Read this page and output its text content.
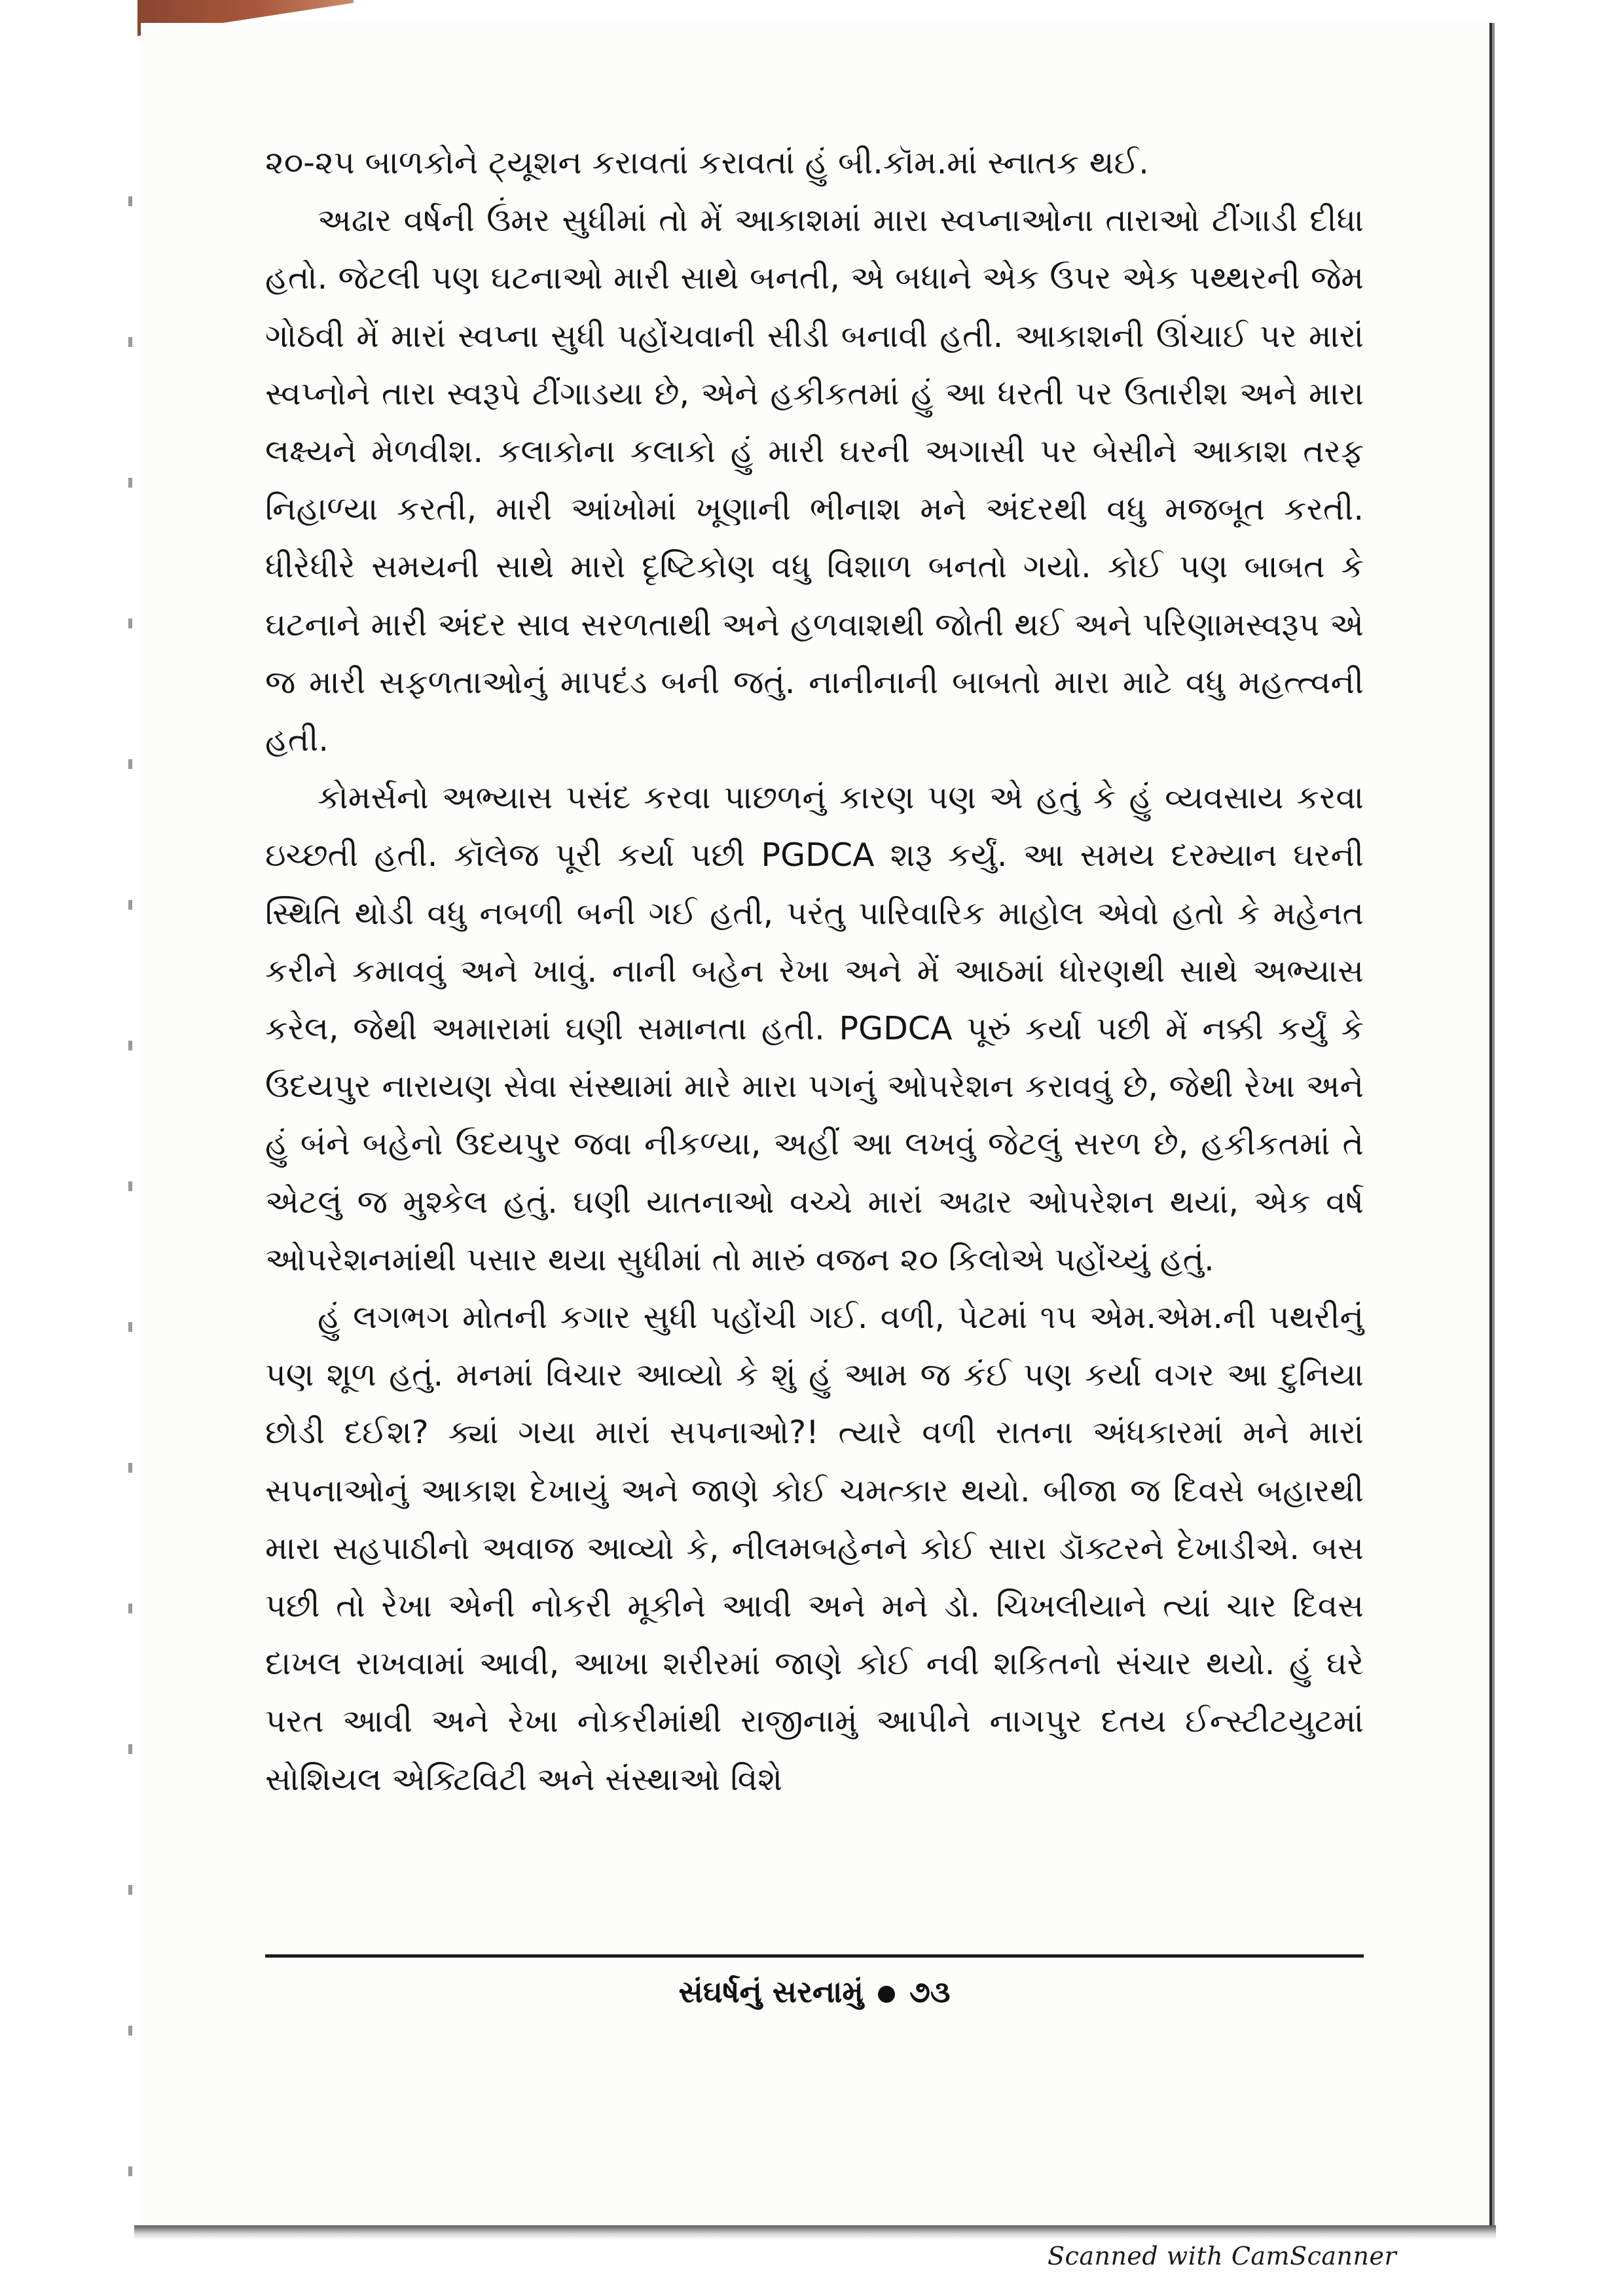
૨૦-૨૫ બાળકોને ટ્યૂશન કરાવતાં કરાવતાં હું બી.કૉમ.માં સ્નાતક થઈ.

અઢાર વર્ષની ઉંમર સુધીમાં તો મેં આકાશમાં મારા સ્વપ્નાઓના તારાઓ ટીંગાડી દીધા હતો. જેટલી પણ ઘટનાઓ મારી સાથે બનતી, એ બધાને એક ઉપર એક પથ્થરની જેમ ગોઠવી મેં મારાં સ્વપ્ના સુધી પહોંચવાની સીડી બનાવી હતી. આકાશની ઊંચાઈ પર મારાં સ્વપ્નોને તારા સ્વરૂપે ટીંગાડયા છે, એને હકીકતમાં હું આ ધરતી પર ઉતારીશ અને મારા લક્ષ્યને મેળવીશ. કલાકોના કલાકો હું મારી ઘરની અગાસી પર બેસીને આકાશ તરફ નિહાળ્યા કરતી, મારી આંખોમાં ખૂણાની ભીનાશ મને અંદરથી વધુ મજબૂત કરતી. ધીરેધીરે સમયની સાથે મારો દૃષ્ટિકોણ વધુ વિશાળ બનતો ગયો. કોઈ પણ બાબત કે ઘટનાને મારી અંદર સાવ સરળતાથી અને હળવાશથી જોતી થઈ અને પરિણામસ્વરૂપ એ જ મારી સફળતાઓનું માપદંડ બની જતું. નાનીનાની બાબતો મારા માટે વધુ મહત્ત્વની હતી.

કોમર્સનો અભ્યાસ પસંદ કરવા પાછળનું કારણ પણ એ હતું કે હું વ્યવસાય કરવા ઇચ્છતી હતી. કૉલેજ પૂરી કર્યા પછી PGDCA શરૂ કર્યું. આ સમય દરમ્યાન ઘરની સ્થિતિ થોડી વધુ નબળી બની ગઈ હતી, પરંતુ પારિવારિક માહોલ એવો હતો કે મહેનત કરીને કમાવવું અને ખાવું. નાની બહેન રેખા અને મેં આઠમાં ધોરણથી સાથે અભ્યાસ કરેલ, જેથી અમારામાં ઘણી સમાનતા હતી. PGDCA પૂરું કર્યા પછી મેં નક્કી કર્યું કે ઉદયપુર નારાયણ સેવા સંસ્થામાં મારે મારા પગનું ઓપરેશન કરાવવું છે, જેથી રેખા અને હું બંને બહેનો ઉદયપુર જવા નીકળ્યા, અહીં આ લખવું જેટલું સરળ છે, હકીકતમાં તે એટલું જ મુશ્કેલ હતું. ઘણી યાતનાઓ વચ્ચે મારાં અઢાર ઓપરેશન થયાં, એક વર્ષ ઓપરેશનમાંથી પસાર થયા સુધીમાં તો મારું વજન ૨૦ કિલોએ પહોંચ્યું હતું.

હું લગભગ મોતની કગાર સુધી પહોંચી ગઈ. વળી, પેટમાં ૧૫ એમ.એમ.ની પથરીનું પણ શૂળ હતું. મનમાં વિચાર આવ્યો કે શું હું આમ જ કંઈ પણ કર્યા વગર આ દુનિયા છોડી દઈશ? ક્યાં ગયા મારાં સપનાઓ?! ત્યારે વળી રાતના અંધકારમાં મને મારાં સપનાઓનું આકાશ દેખાયું અને જાણે કોઈ ચમત્કાર થયો. બીજા જ દિવસે બહારથી મારા સહપાઠીનો અવાજ આવ્યો કે, નીલમબહેનને કોઈ સારા ડૉક્ટરને દેખાડીએ. બસ પછી તો રેખા એની નોકરી મૂકીને આવી અને મને ડો. ચિખલીયાને ત્યાં ચાર દિવસ દાખલ રાખવામાં આવી, આખા શરીરમાં જાણે કોઈ નવી શકિતનો સંચાર થયો. હું ઘરે પરત આવી અને રેખા નોકરીમાંથી રાજીનામું આપીને નાગપુર દતય ઈન્સ્ટીટયુટમાં સોશિયલ એક્ટિવિટી અને સંસ્થાઓ વિશે

સંઘર્ષનું સરનામું ૭૩
Scanned with CamScanner
